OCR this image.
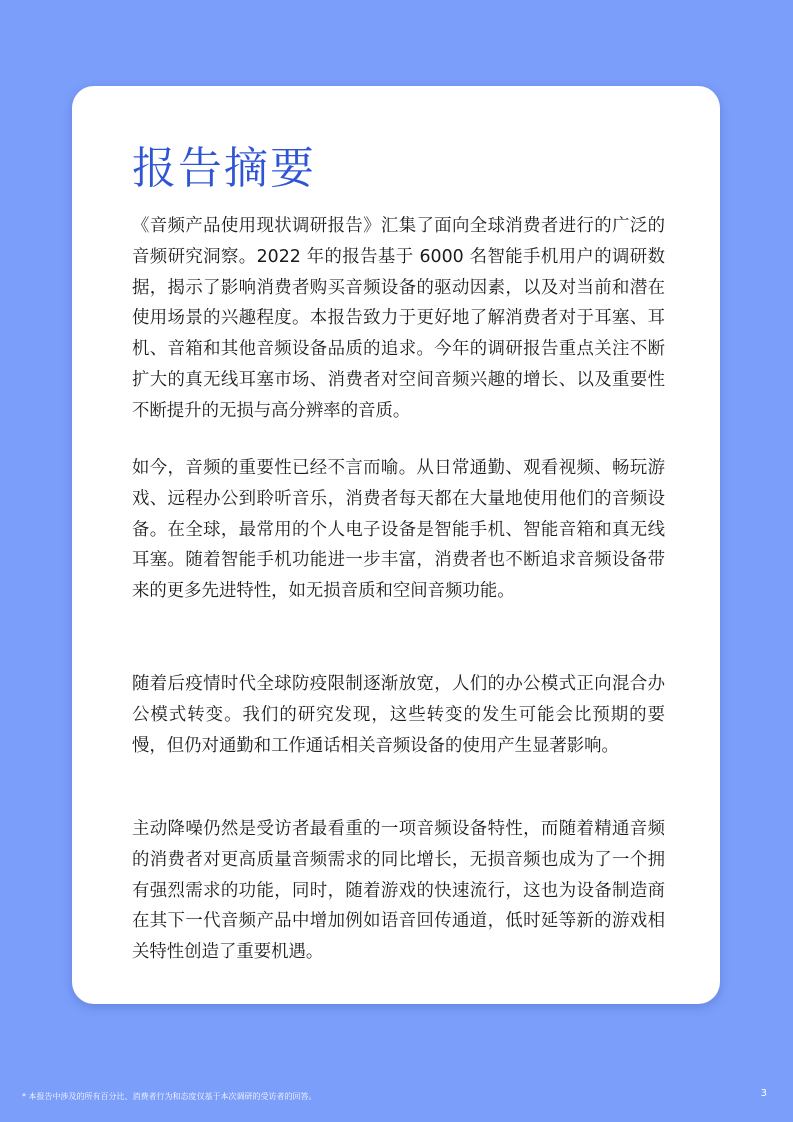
报告摘要

《音频产品使用现状调研报告》汇集了面向全球消费者进行的广泛的音频研究洞察。2022 年的报告基于 6000 名智能手机用户的调研数据，揭示了影响消费者购买音频设备的驱动因素，以及对当前和潜在使用场景的兴趣程度。本报告致力于更好地了解消费者对于耳塞、耳机、音箱和其他音频设备品质的追求。今年的调研报告重点关注不断扩大的真无线耳塞市场、消费者对空间音频兴趣的增长、以及重要性不断提升的无损与高分辨率的音质。

如今，音频的重要性已经不言而喻。从日常通勤、观看视频、畅玩游戏、远程办公到聆听音乐，消费者每天都在大量地使用他们的音频设备。在全球，最常用的个人电子设备是智能手机、智能音箱和真无线耳塞。随着智能手机功能进一步丰富，消费者也不断追求音频设备带来的更多先进特性，如无损音质和空间音频功能。

随着后疫情时代全球防疫限制逐渐放宽，人们的办公模式正向混合办公模式转变。我们的研究发现，这些转变的发生可能会比预期的要慢，但仍对通勤和工作通话相关音频设备的使用产生显著影响。

主动降噪仍然是受访者最看重的一项音频设备特性，而随着精通音频的消费者对更高质量音频需求的同比增长，无损音频也成为了一个拥有强烈需求的功能，同时，随着游戏的快速流行，这也为设备制造商在其下一代音频产品中增加例如语音回传通道，低时延等新的游戏相关特性创造了重要机遇。

* 本报告中涉及的所有百分比、消费者行为和态度仅基于本次调研的受访者的回答。	3
